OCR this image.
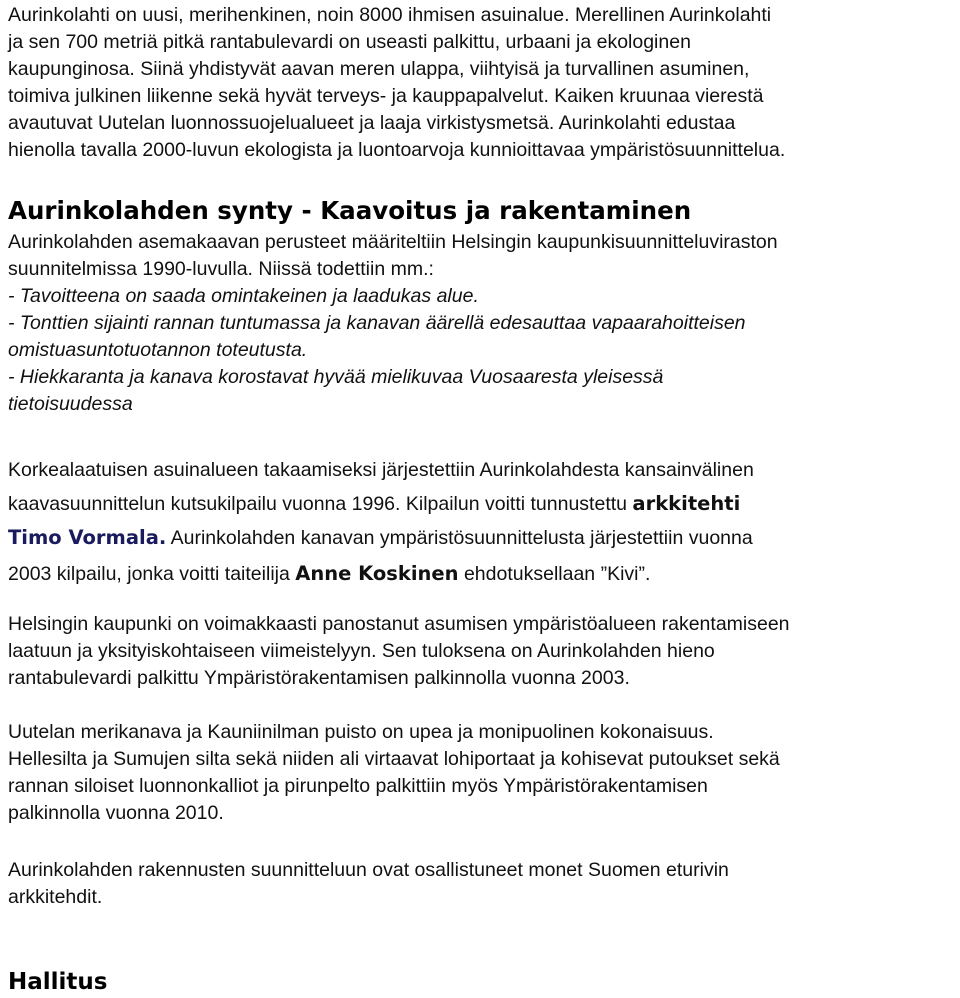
Aurinkolahti on uusi, merihenkinen, noin 8000 ihmisen asuinalue. Merellinen Aurinkolahti
ja sen 700 metriä pitkä rantabulevardi on useasti palkittu, urbaani ja ekologinen
kaupunginosa. Siinä yhdistyvät aavan meren ulappa, viihtyisä ja turvallinen asuminen,
toimiva julkinen liikenne sekä hyvät terveys- ja kauppapalvelut. Kaiken kruunaa vierestä
avautuvat Uutelan luonnossuojelualueet ja laaja virkistysmetsä. Aurinkolahti edustaa
hienolla tavalla 2000-luvun ekologista ja luontoarvoja kunnioittavaa ympäristösuunnittelua.
Aurinkolahden synty - Kaavoitus ja rakentaminen
Aurinkolahden asemakaavan perusteet määriteltiin Helsingin kaupunkisuunnitteluviraston
suunnitelmissa 1990-luvulla. Niissä todettiin mm.:
- Tavoitteena on saada omintakeinen ja laadukas alue.
- Tonttien sijainti rannan tuntumassa ja kanavan äärellä edesauttaa vapaarahoitteisen
omistuasuntotuotannon toteutusta.
- Hiekkaranta ja kanava korostavat hyvää mielikuvaa Vuosaaresta yleisessä
tietoisuudessa
Korkealaatuisen asuinalueen takaamiseksi järjestettiin Aurinkolahdesta kansainvälinen
kaavasuunnittelun kutsukilpailu vuonna 1996. Kilpailun voitti tunnustettu arkkitehti
Timo Vormala. Aurinkolahden kanavan ympäristösuunnittelusta järjestettiin vuonna
2003 kilpailu, jonka voitti taiteilija Anne Koskinen ehdotuksellaan ”Kivi”.
Helsingin kaupunki on voimakkaasti panostanut asumisen ympäristöalueen rakentamiseen
laatuun ja yksityiskohtaiseen viimeistelyyn. Sen tuloksena on Aurinkolahden hieno
rantabulevardi palkittu Ympäristörakentamisen palkinnolla vuonna 2003.
Uutelan merikanava ja Kauniinilman puisto on upea ja monipuolinen kokonaisuus.
Hellesilta ja Sumujen silta sekä niiden ali virtaavat lohiportaat ja kohisevat putoukset sekä
rannan siloiset luonnonkalliot ja pirunpelto palkittiin myös Ympäristörakentamisen
palkinnolla vuonna 2010.
Aurinkolahden rakennusten suunnitteluun ovat osallistuneet monet Suomen eturivin
arkkitehdit.
Hallitus
